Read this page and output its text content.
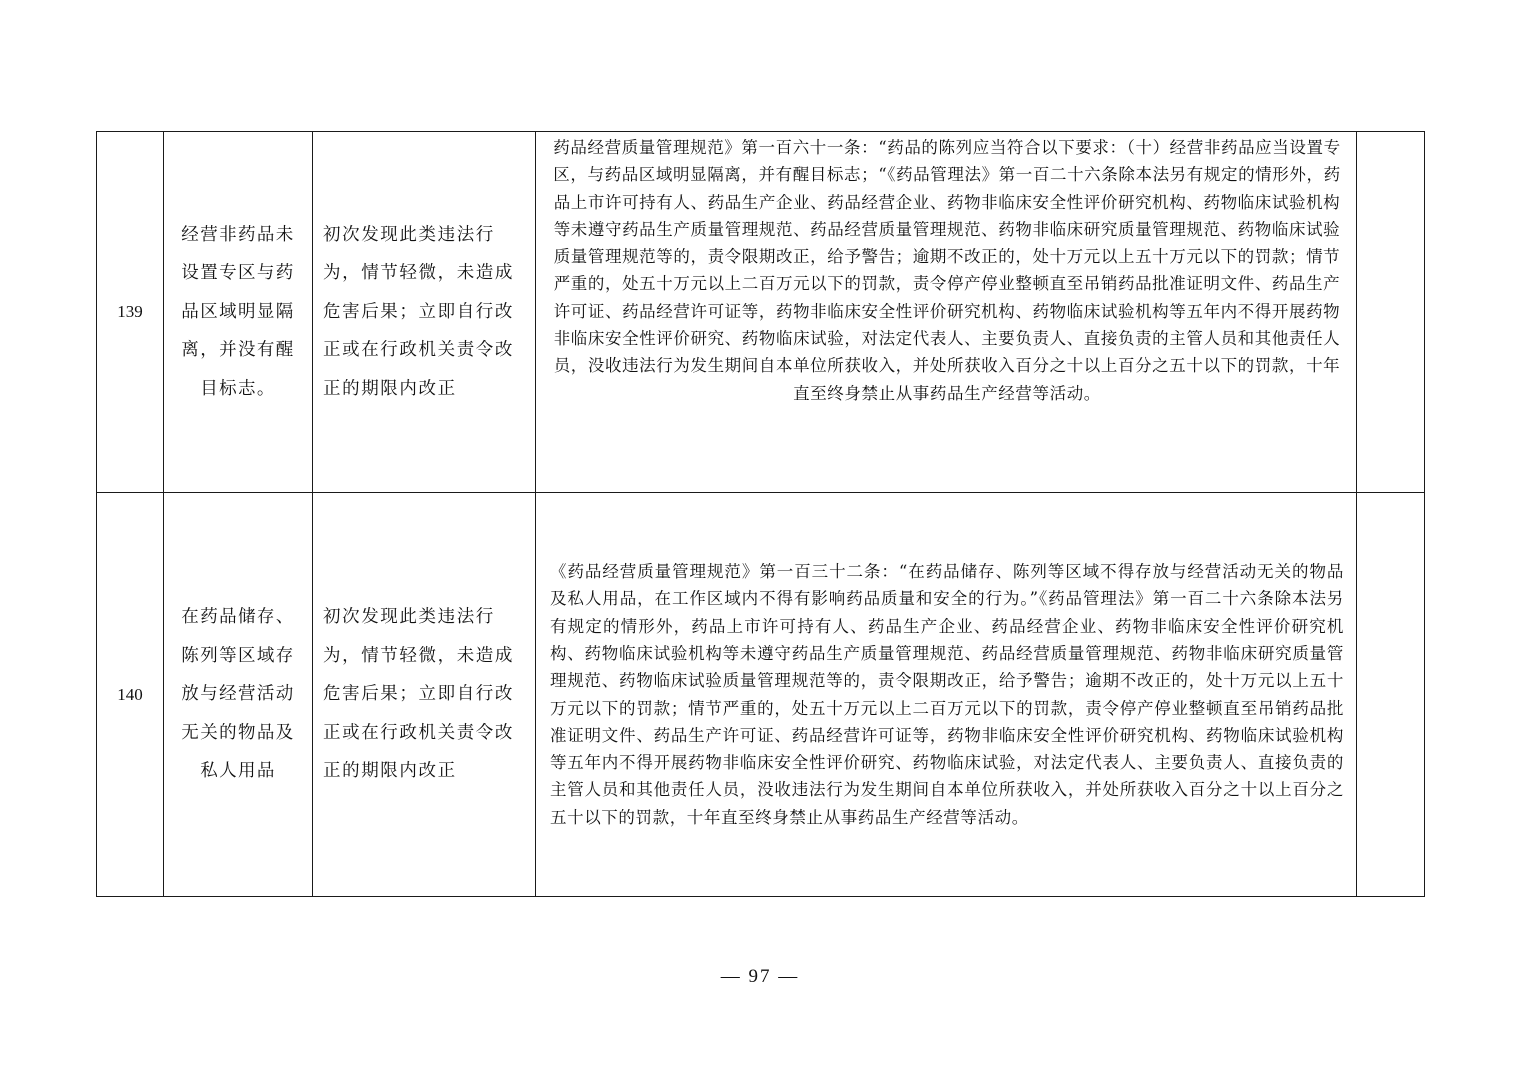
139	经营非药品未设置专区与药品区域明显隔离，并没有醒目标志。	初次发现此类违法行为，情节轻微，未造成危害后果；立即自行改正或在行政机关责令改正的期限内改正	药品经营质量管理规范》第一百六十一条：“药品的陈列应当符合以下要求：（十）经营非药品应当设置专区，与药品区域明显隔离，并有醒目标志；“《药品管理法》第一百二十六条除本法另有规定的情形外，药品上市许可持有人、药品生产企业、药品经营企业、药物非临床安全性评价研究机构、药物临床试验机构等未遵守药品生产质量管理规范、药品经营质量管理规范、药物非临床研究质量管理规范、药物临床试验质量管理规范等的，责令限期改正，给予警告；逾期不改正的，处十万元以上五十万元以下的罚款；情节严重的，处五十万元以上二百万元以下的罚款，责令停产停业整顿直至吊销药品批准证明文件、药品生产许可证、药品经营许可证等，药物非临床安全性评价研究机构、药物临床试验机构等五年内不得开展药物非临床安全性评价研究、药物临床试验，对法定代表人、主要负责人、直接负责的主管人员和其他责任人员，没收违法行为发生期间自本单位所获收入，并处所获收入百分之十以上百分之五十以下的罚款，十年直至终身禁止从事药品生产经营等活动。	
140	在药品储存、陈列等区域存放与经营活动无关的物品及私人用品	初次发现此类违法行为，情节轻微，未造成危害后果；立即自行改正或在行政机关责令改正的期限内改正	《药品经营质量管理规范》第一百三十二条：“在药品储存、陈列等区域不得存放与经营活动无关的物品及私人用品，在工作区域内不得有影响药品质量和安全的行为。”《药品管理法》第一百二十六条除本法另有规定的情形外，药品上市许可持有人、药品生产企业、药品经营企业、药物非临床安全性评价研究机构、药物临床试验机构等未遵守药品生产质量管理规范、药品经营质量管理规范、药物非临床研究质量管理规范、药物临床试验质量管理规范等的，责令限期改正，给予警告；逾期不改正的，处十万元以上五十万元以下的罚款；情节严重的，处五十万元以上二百万元以下的罚款，责令停产停业整顿直至吊销药品批准证明文件、药品生产许可证、药品经营许可证等，药物非临床安全性评价研究机构、药物临床试验机构等五年内不得开展药物非临床安全性评价研究、药物临床试验，对法定代表人、主要负责人、直接负责的主管人员和其他责任人员，没收违法行为发生期间自本单位所获收入，并处所获收入百分之十以上百分之五十以下的罚款，十年直至终身禁止从事药品生产经营等活动。	
— 97 —
